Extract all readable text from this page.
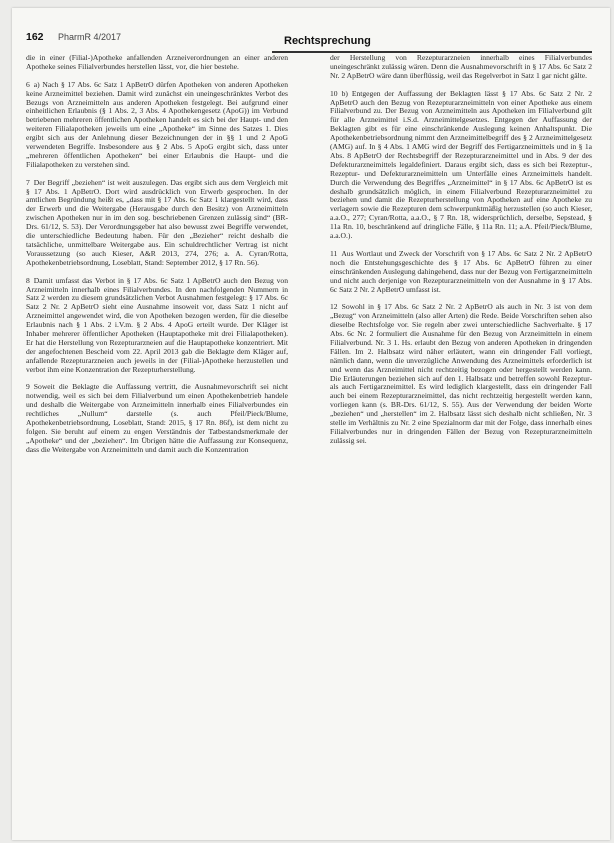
162 PharmR 4/2017	Rechtsprechung

die in einer (Filial-)Apotheke anfallenden Arzneiverordnungen an einer anderen Apotheke seines Filialverbundes herstellen lässt, vor, die hier bestehe.

6 a) Nach § 17 Abs. 6c Satz 1 ApBetrO dürfen Apotheken von anderen Apotheken keine Arzneimittel beziehen. Damit wird zunächst ein uneingeschränktes Verbot des Bezugs von Arzneimitteln aus anderen Apotheken festgelegt. Bei aufgrund einer einheitlichen Erlaubnis (§ 1 Abs. 2, 3 Abs. 4 Apothekengesetz (ApoG)) im Verbund betriebenen mehreren öffentlichen Apotheken handelt es sich bei der Haupt- und den weiteren Filialapotheken jeweils um eine „Apotheke“ im Sinne des Satzes 1. Dies ergibt sich aus der Anlehnung dieser Bezeichnungen der in §§ 1 und 2 ApoG verwendeten Begriffe. Insbesondere aus § 2 Abs. 5 ApoG ergibt sich, dass unter „mehreren öffentlichen Apotheken“ bei einer Erlaubnis die Haupt- und die Filialapotheken zu verstehen sind.

7 Der Begriff „beziehen“ ist weit auszulegen. Das ergibt sich aus dem Vergleich mit § 17 Abs. 1 ApBetrO. Dort wird ausdrücklich von Erwerb gesprochen. In der amtlichen Begründung heißt es, „dass mit § 17 Abs. 6c Satz 1 klargestellt wird, dass der Erwerb und die Weitergabe (Herausgabe durch den Besitz) von Arzneimitteln zwischen Apotheken nur in im den sog. beschriebenen Grenzen zulässig sind“ (BR-Drs. 61/12, S. 53). Der Verordnungsgeber hat also bewusst zwei Begriffe verwendet, die unterschiedliche Bedeutung haben. Für den „Bezieher“ reicht deshalb die tatsächliche, unmittelbare Weitergabe aus. Ein schuldrechtlicher Vertrag ist nicht Voraussetzung (so auch Kieser, A&R 2013, 274, 276; a. A. Cyran/Rotta, Apothekenbetriebsordnung, Loseblatt, Stand: September 2012, § 17 Rn. 56).

8 Damit umfasst das Verbot in § 17 Abs. 6c Satz 1 ApBetrO auch den Bezug von Arzneimitteln innerhalb eines Filialverbundes. In den nachfolgenden Nummern in Satz 2 werden zu diesem grundsätzlichen Verbot Ausnahmen festgelegt: § 17 Abs. 6c Satz 2 Nr. 2 ApBetrO sieht eine Ausnahme insoweit vor, dass Satz 1 nicht auf Arzneimittel angewendet wird, die von Apotheken bezogen werden, für die dieselbe Erlaubnis nach § 1 Abs. 2 i.V.m. § 2 Abs. 4 ApoG erteilt wurde. Der Kläger ist Inhaber mehrerer öffentlicher Apotheken (Hauptapotheke mit drei Filialapotheken). Er hat die Herstellung von Rezepturarzneien auf die Hauptapotheke konzentriert. Mit der angefochtenen Bescheid vom 22. April 2013 gab die Beklagte dem Kläger auf, anfallende Rezepturarzneien auch jeweils in der (Filial-)Apotheke herzustellen und verbot ihm eine Konzentration der Rezepturherstellung.

9 Soweit die Beklagte die Auffassung vertritt, die Ausnahmevorschrift sei nicht notwendig, weil es sich bei dem Filialverbund um einen Apothekenbetrieb handele und deshalb die Weitergabe von Arzneimitteln innerhalb eines Filialverbundes ein rechtliches „Nullum“ darstelle (s. auch Pfeil/Pieck/Blume, Apothekenbetriebsordnung, Loseblatt, Stand: 2015, § 17 Rn. 86f), ist dem nicht zu folgen. Sie beruht auf einem zu engen Verständnis der Tatbestandsmerkmale der „Apotheke“ und der „beziehen“. Im Übrigen hätte die Auffassung zur Konsequenz, dass die Weitergabe von Arzneimitteln und damit auch die Konzentration

der Herstellung von Rezepturarzneien innerhalb eines Filialverbundes uneingeschränkt zulässig wären. Denn die Ausnahmevorschrift in § 17 Abs. 6c Satz 2 Nr. 2 ApBetrO wäre dann überflüssig, weil das Regelverbot in Satz 1 gar nicht gälte.

10 b) Entgegen der Auffassung der Beklagten lässt § 17 Abs. 6c Satz 2 Nr. 2 ApBetrO auch den Bezug von Rezepturarzneimitteln von einer Apotheke aus einem Filialverbund zu. Der Bezug von Arzneimitteln aus Apotheken im Filialverbund gilt für alle Arzneimittel i.S.d. Arzneimittelgesetzes. Entgegen der Auffassung der Beklagten gibt es für eine einschränkende Auslegung keinen Anhaltspunkt. Die Apothekenbetriebsordnung nimmt den Arzneimittelbegriff des § 2 Arzneimittelgesetz (AMG) auf. In § 4 Abs. 1 AMG wird der Begriff des Fertigarzneimittels und in § 1a Abs. 8 ApBetrO der Rechtsbegriff der Rezepturarzneimittel und in Abs. 9 der des Defekturarzneimittels legaldefiniert. Daraus ergibt sich, dass es sich bei Rezeptur-, Rezeptur- und Defekturarzneimitteln um Unterfälle eines Arzneimittels handelt. Durch die Verwendung des Begriffes „Arzneimittel“ in § 17 Abs. 6c ApBetrO ist es deshalb grundsätzlich möglich, in einem Filialverbund Rezepturarzneimittel zu beziehen und damit die Rezepturherstellung von Apotheken auf eine Apotheke zu verlagern sowie die Rezepturen dem schwerpunktmäßig herzustellen (so auch Kieser, a.a.O., 277; Cyran/Rotta, a.a.O., § 7 Rn. 18, widersprüchlich, derselbe, Sepstead, § 11a Rn. 10, beschränkend auf dringliche Fälle, § 11a Rn. 11; a.A. Pfeil/Pieck/Blume, a.a.O.).

11 Aus Wortlaut und Zweck der Vorschrift von § 17 Abs. 6c Satz 2 Nr. 2 ApBetrO noch die Entstehungsgeschichte des § 17 Abs. 6c ApBetrO führen zu einer einschränkenden Auslegung dahingehend, dass nur der Bezug von Fertigarzneimitteln und nicht auch derjenige von Rezepturarzneimitteln von der Ausnahme in § 17 Abs. 6c Satz 2 Nr. 2 ApBetrO umfasst ist.

12 Sowohl in § 17 Abs. 6c Satz 2 Nr. 2 ApBetrO als auch in Nr. 3 ist von dem „Bezug“ von Arzneimitteln (also aller Arten) die Rede. Beide Vorschriften sehen also dieselbe Rechtsfolge vor. Sie regeln aber zwei unterschiedliche Sachverhalte. § 17 Abs. 6c Nr. 2 formuliert die Ausnahme für den Bezug von Arzneimitteln in einem Filialverbund. Nr. 3 1. Hs. erlaubt den Bezug von anderen Apotheken in dringenden Fällen. Im 2. Halbsatz wird näher erläutert, wann ein dringender Fall vorliegt, nämlich dann, wenn die unverzügliche Anwendung des Arzneimittels erforderlich ist und wenn das Arzneimittel nicht rechtzeitig bezogen oder hergestellt werden kann. Die Erläuterungen beziehen sich auf den 1. Halbsatz und betreffen sowohl Rezeptur- als auch Fertigarzneimittel. Es wird lediglich klargestellt, dass ein dringender Fall auch bei einem Rezepturarzneimittel, das nicht rechtzeitig hergestellt werden kann, vorliegen kann (s. BR-Drs. 61/12, S. 55). Aus der Verwendung der beiden Worte „beziehen“ und „herstellen“ im 2. Halbsatz lässt sich deshalb nicht schließen, Nr. 3 stelle im Verhältnis zu Nr. 2 eine Spezialnorm dar mit der Folge, dass innerhalb eines Filialverbundes nur in dringenden Fällen der Bezug von Rezepturarzneimitteln zulässig sei.
